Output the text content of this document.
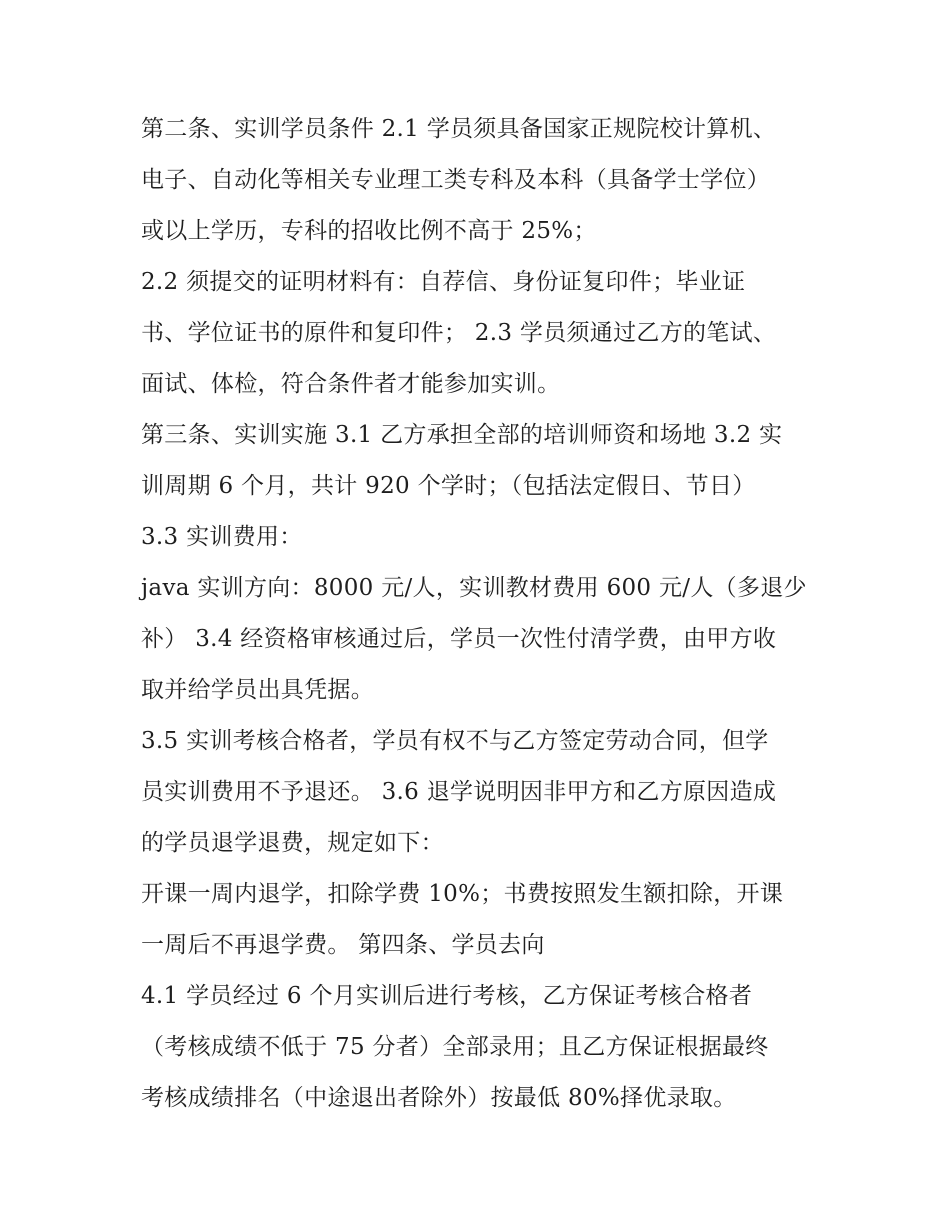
第二条、实训学员条件 2.1 学员须具备国家正规院校计算机、
电子、自动化等相关专业理工类专科及本科（具备学士学位）
或以上学历，专科的招收比例不高于 25%；
2.2 须提交的证明材料有：自荐信、身份证复印件；毕业证
书、学位证书的原件和复印件； 2.3 学员须通过乙方的笔试、
面试、体检，符合条件者才能参加实训。
第三条、实训实施 3.1 乙方承担全部的培训师资和场地 3.2 实
训周期 6 个月，共计 920 个学时；（包括法定假日、节日）
3.3 实训费用：
java 实训方向：8000 元/人，实训教材费用 600 元/人（多退少
补） 3.4 经资格审核通过后，学员一次性付清学费，由甲方收
取并给学员出具凭据。
3.5 实训考核合格者，学员有权不与乙方签定劳动合同，但学
员实训费用不予退还。 3.6 退学说明因非甲方和乙方原因造成
的学员退学退费，规定如下：
开课一周内退学，扣除学费 10%；书费按照发生额扣除，开课
一周后不再退学费。 第四条、学员去向
4.1 学员经过 6 个月实训后进行考核，乙方保证考核合格者
（考核成绩不低于 75 分者）全部录用；且乙方保证根据最终
考核成绩排名（中途退出者除外）按最低 80%择优录取。
